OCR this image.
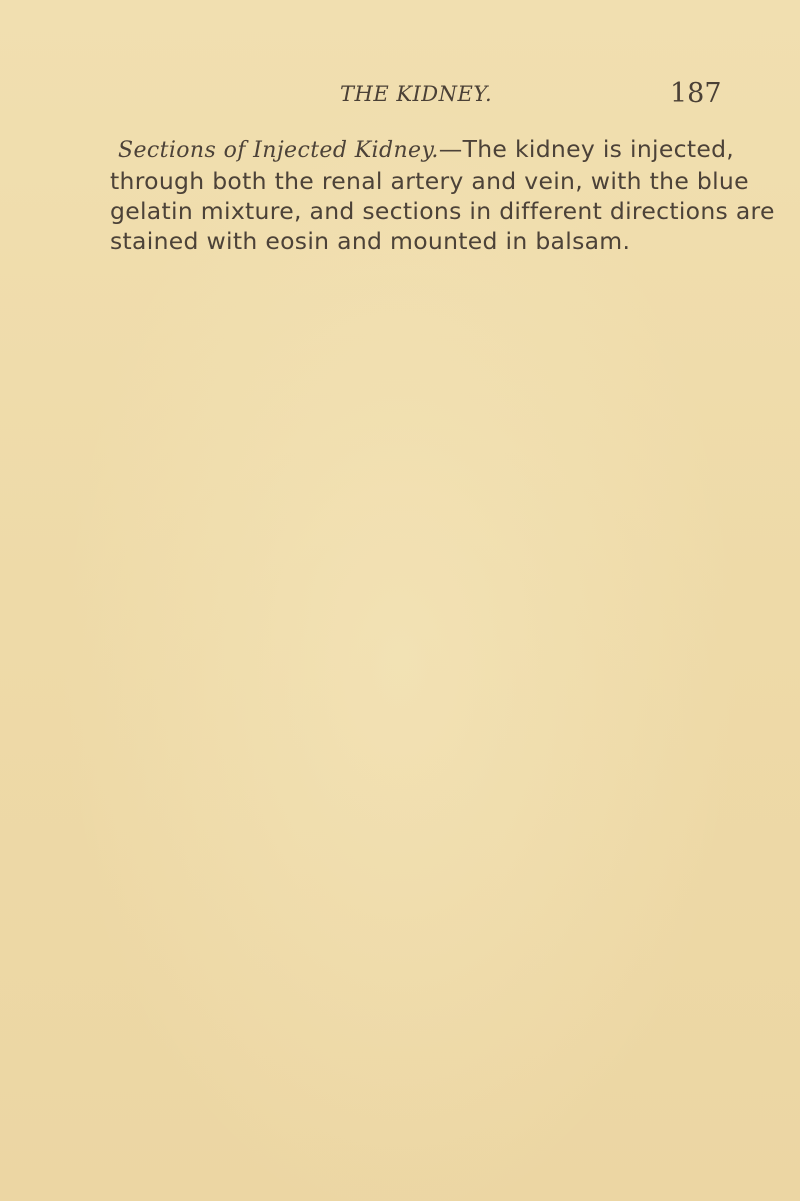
THE KIDNEY.	187
Sections of Injected Kidney.—The kidney is injected,
through both the renal artery and vein, with the blue
gelatin mixture, and sections in different directions are
stained with eosin and mounted in balsam.
